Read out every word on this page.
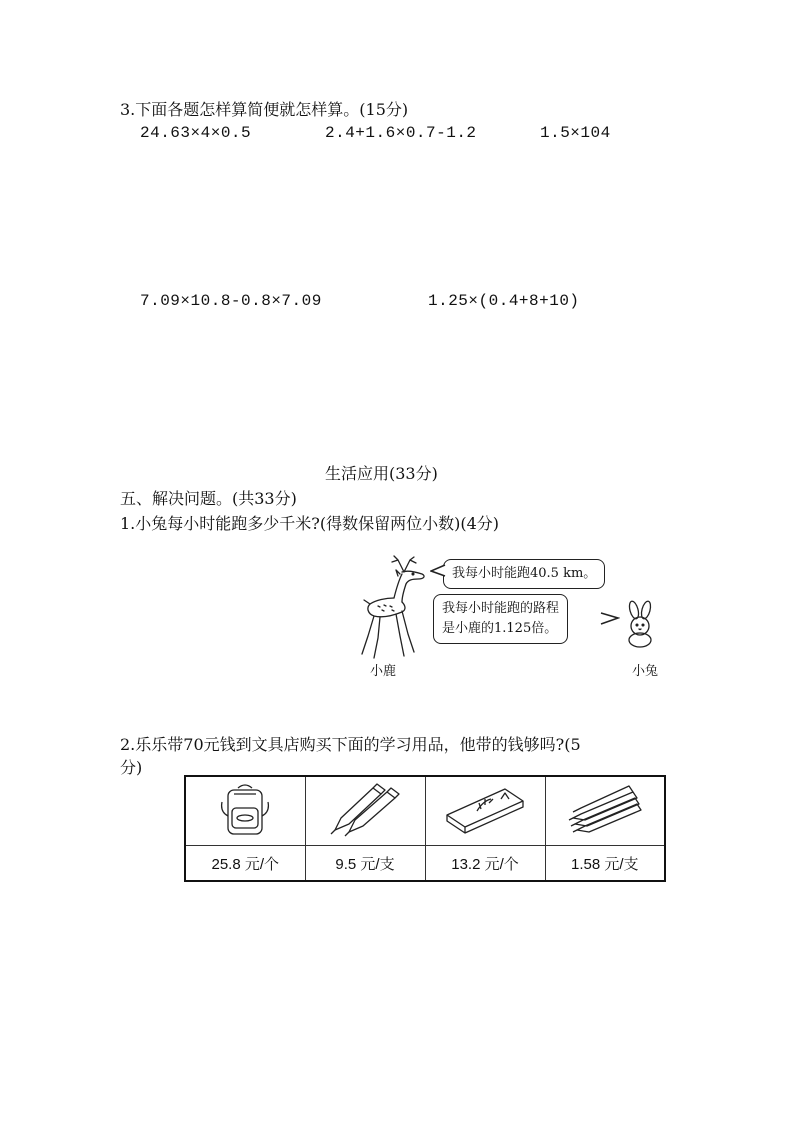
3.下面各题怎样算简便就怎样算。(15分)
24.63×4×0.5	2.4+1.6×0.7-1.2	1.5×104
7.09×10.8-0.8×7.09	1.25×(0.4+8+10)
生活应用(33分)
五、解决问题。(共33分)
1.小兔每小时能跑多少千米?(得数保留两位小数)(4分)
小鹿
我每小时能跑40.5 km。
我每小时能跑的路程
是小鹿的1.125倍。
小兔
2.乐乐带70元钱到文具店购买下面的学习用品，他带的钱够吗?(5
分)

25.8 元/个	9.5 元/支	13.2 元/个	1.58 元/支
